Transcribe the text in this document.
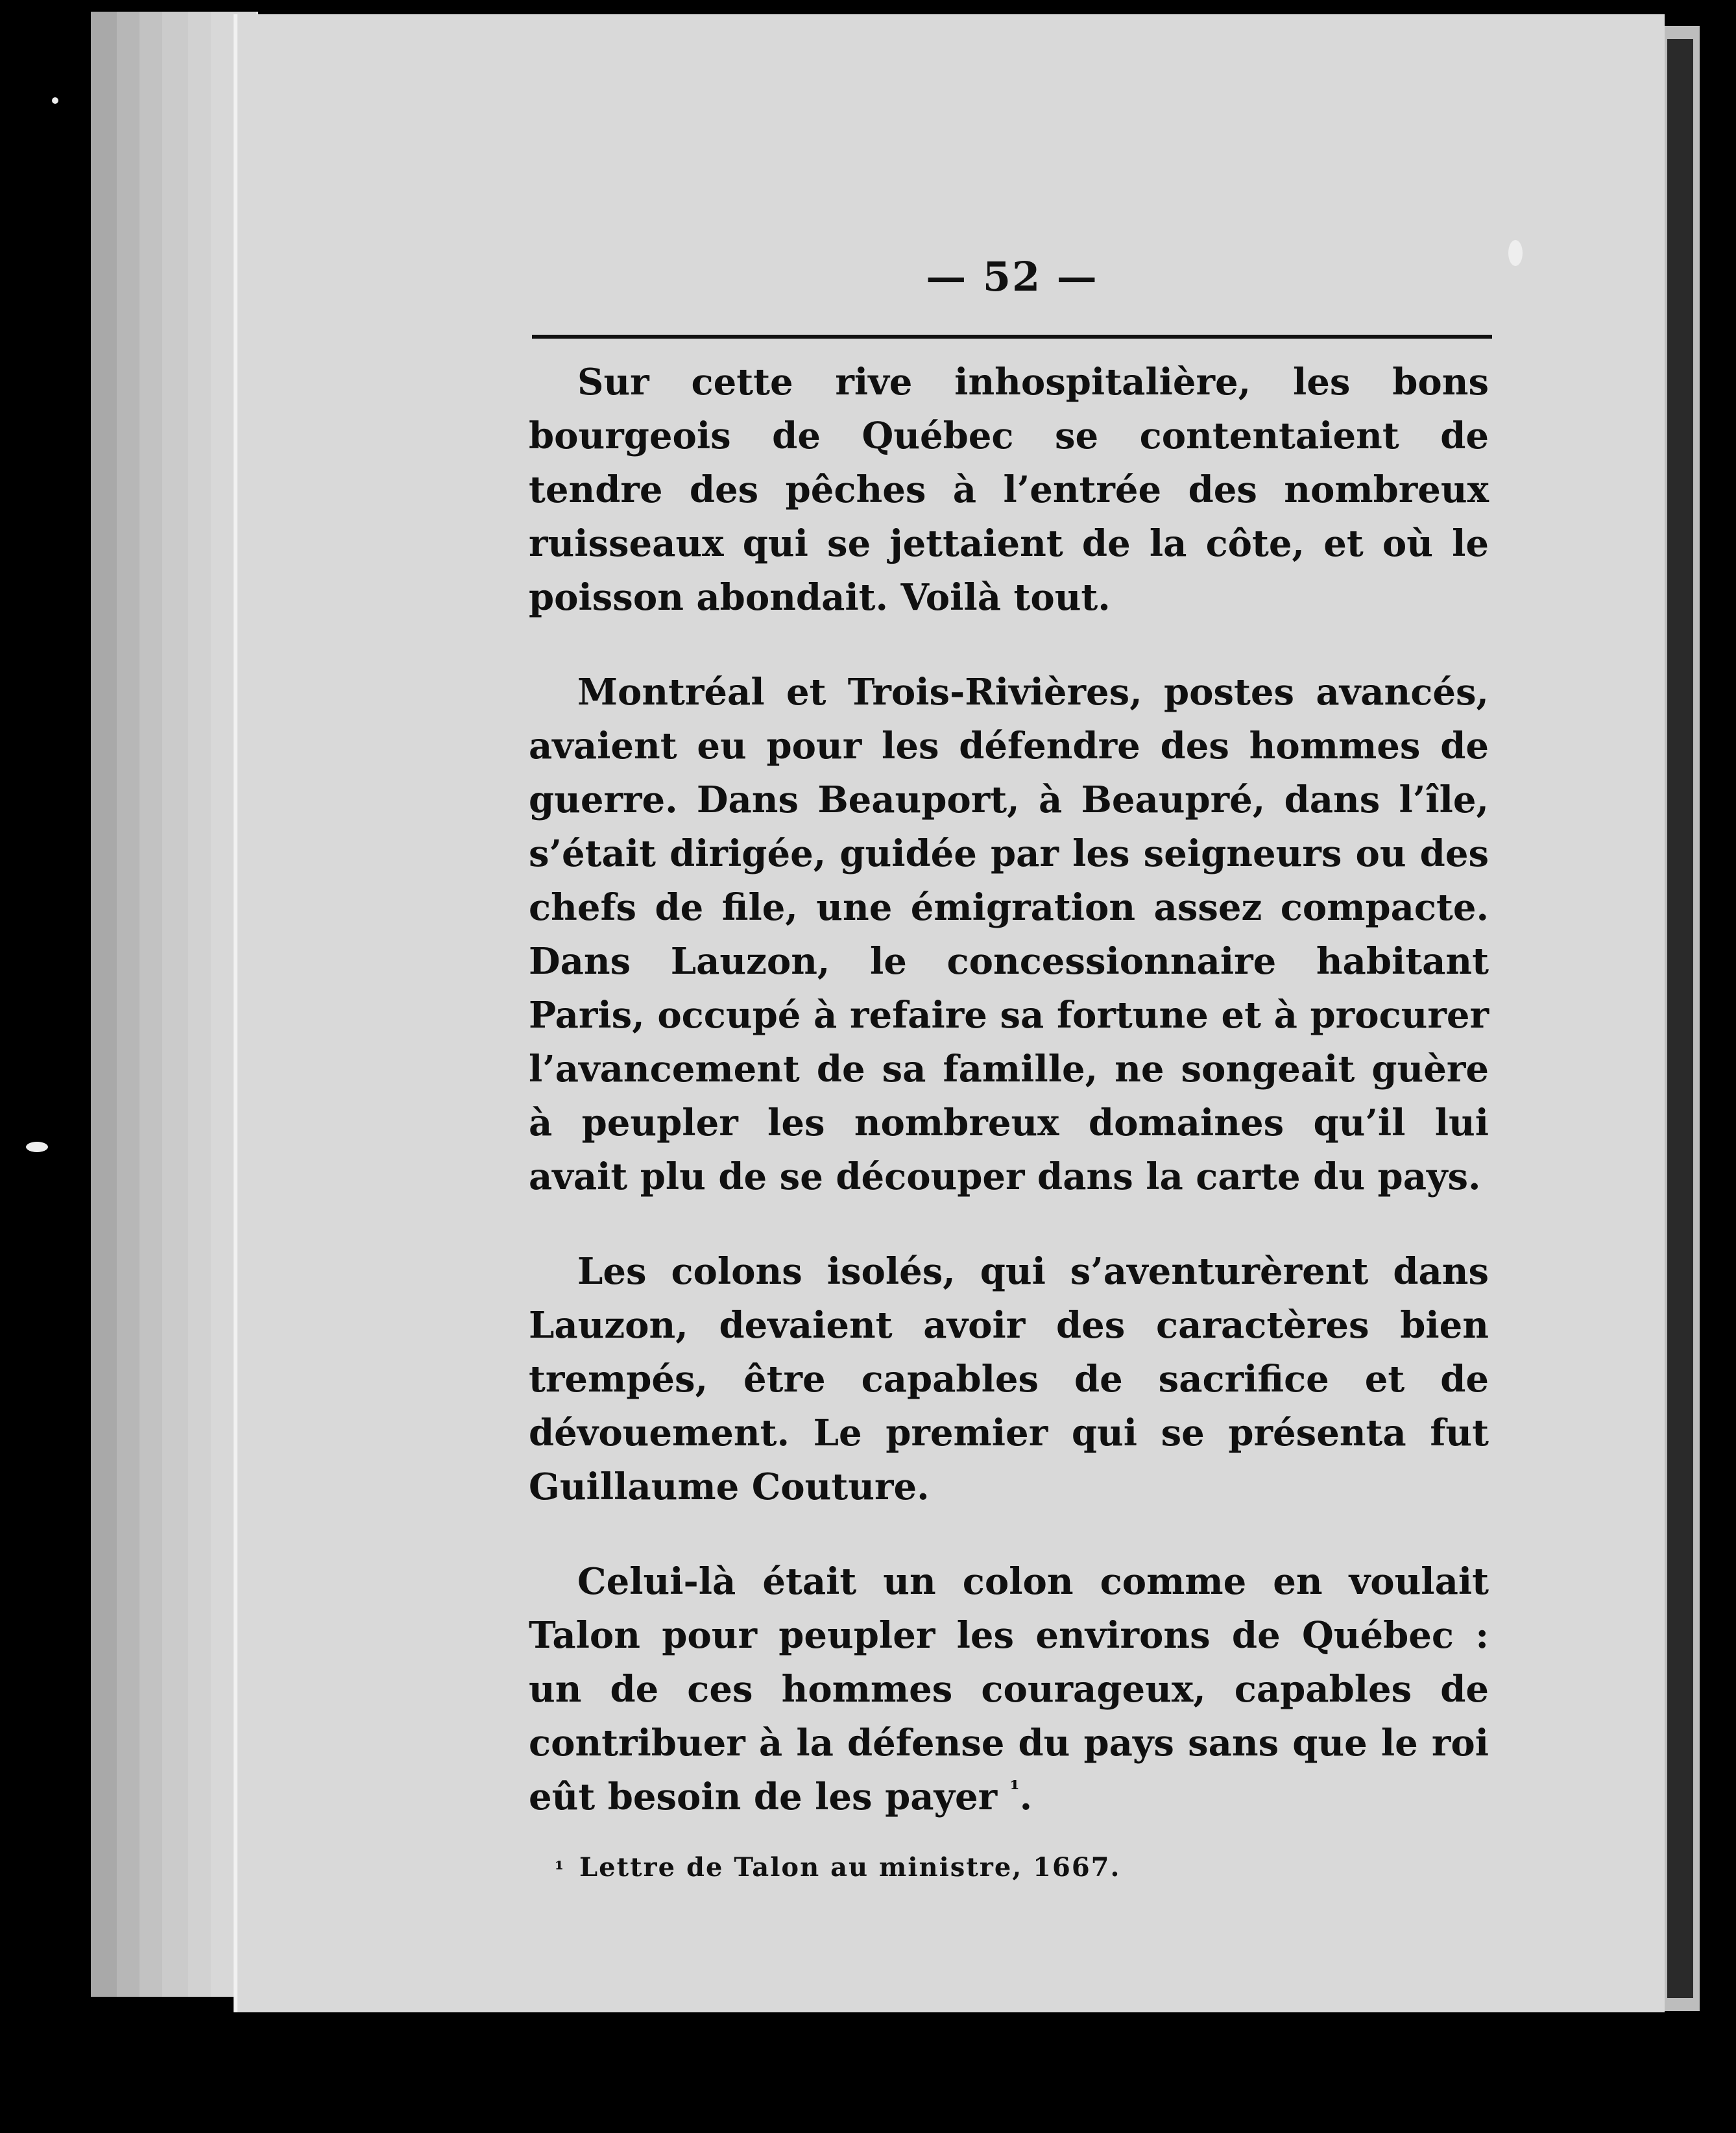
— 52 —

Sur cette rive inhospitalière, les bons bourgeois de Québec se contentaient de tendre des pêches à l’entrée des nombreux ruisseaux qui se jettaient de la côte, et où le poisson abondait. Voilà tout.

Montréal et Trois-Rivières, postes avancés, avaient eu pour les défendre des hommes de guerre. Dans Beauport, à Beaupré, dans l’île, s’était dirigée, guidée par les seigneurs ou des chefs de file, une émigration assez compacte. Dans Lauzon, le concessionnaire habitant Paris, occupé à refaire sa fortune et à procurer l’avancement de sa famille, ne songeait guère à peupler les nombreux domaines qu’il lui avait plu de se découper dans la carte du pays.

Les colons isolés, qui s’aventurèrent dans Lauzon, devaient avoir des caractères bien trempés, être capables de sacrifice et de dévouement. Le premier qui se présenta fut Guillaume Couture.

Celui-là était un colon comme en voulait Talon pour peupler les environs de Québec : un de ces hommes courageux, capables de contribuer à la défense du pays sans que le roi eût besoin de les payer $^{^1}$.

¹ Lettre de Talon au ministre, 1667.
